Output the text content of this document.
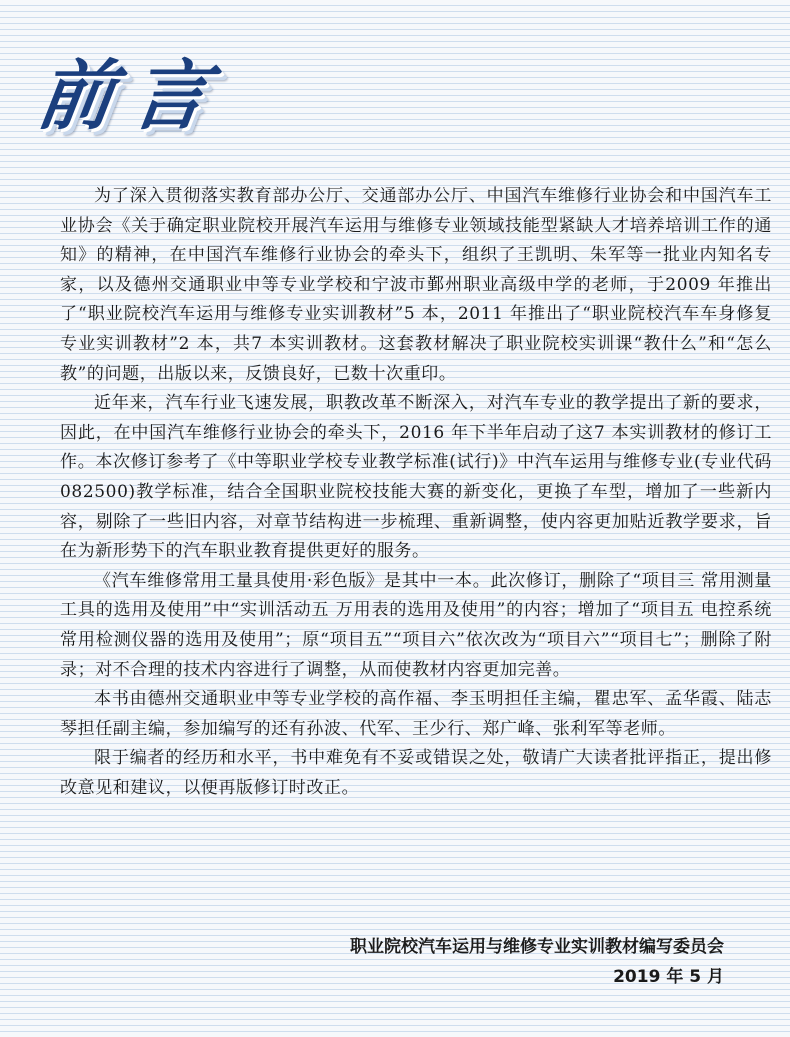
前言

为了深入贯彻落实教育部办公厅、交通部办公厅、中国汽车维修行业协会和中国汽车工业协会《关于确定职业院校开展汽车运用与维修专业领域技能型紧缺人才培养培训工作的通知》的精神，在中国汽车维修行业协会的牵头下，组织了王凯明、朱军等一批业内知名专家，以及德州交通职业中等专业学校和宁波市鄞州职业高级中学的老师，于2009 年推出了“职业院校汽车运用与维修专业实训教材”5 本，2011 年推出了“职业院校汽车车身修复专业实训教材”2 本，共7 本实训教材。这套教材解决了职业院校实训课“教什么”和“怎么教”的问题，出版以来，反馈良好，已数十次重印。

近年来，汽车行业飞速发展，职教改革不断深入，对汽车专业的教学提出了新的要求，因此，在中国汽车维修行业协会的牵头下，2016 年下半年启动了这7 本实训教材的修订工作。本次修订参考了《中等职业学校专业教学标准(试行)》中汽车运用与维修专业(专业代码082500)教学标准，结合全国职业院校技能大赛的新变化，更换了车型，增加了一些新内容，剔除了一些旧内容，对章节结构进一步梳理、重新调整，使内容更加贴近教学要求，旨在为新形势下的汽车职业教育提供更好的服务。

《汽车维修常用工量具使用·彩色版》是其中一本。此次修订，删除了“项目三 常用测量工具的选用及使用”中“实训活动五 万用表的选用及使用”的内容；增加了“项目五 电控系统常用检测仪器的选用及使用”；原“项目五”“项目六”依次改为“项目六”“项目七”；删除了附录；对不合理的技术内容进行了调整，从而使教材内容更加完善。

本书由德州交通职业中等专业学校的高作福、李玉明担任主编，瞿忠军、孟华霞、陆志琴担任副主编，参加编写的还有孙波、代军、王少行、郑广峰、张利军等老师。

限于编者的经历和水平，书中难免有不妥或错误之处，敬请广大读者批评指正，提出修改意见和建议，以便再版修订时改正。

职业院校汽车运用与维修专业实训教材编写委员会
2019 年 5 月
